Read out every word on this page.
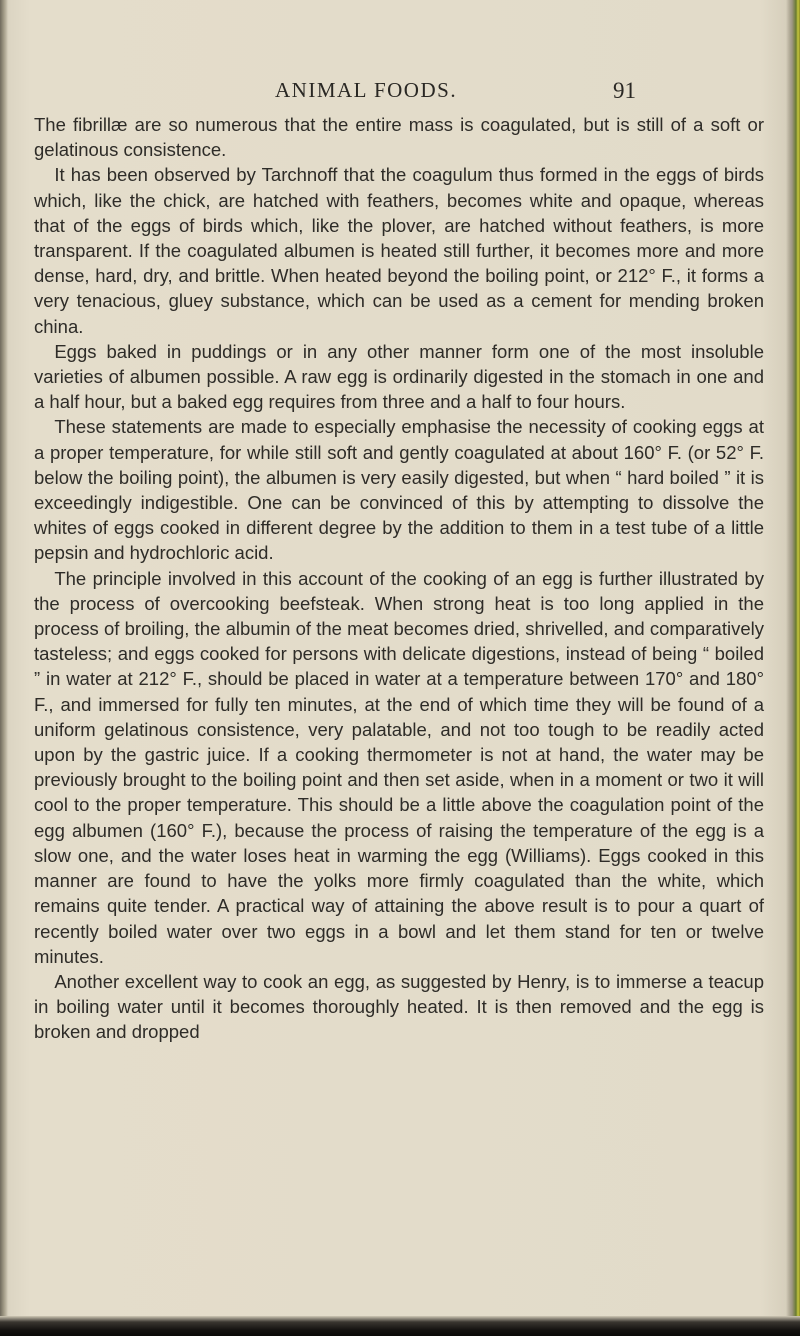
ANIMAL FOODS.	91

The fibrillæ are so numerous that the entire mass is coagulated, but is still of a soft or gelatinous consistence.

It has been observed by Tarchnoff that the coagulum thus formed in the eggs of birds which, like the chick, are hatched with feathers, becomes white and opaque, whereas that of the eggs of birds which, like the plover, are hatched without feathers, is more transparent. If the coagulated albumen is heated still further, it becomes more and more dense, hard, dry, and brittle. When heated beyond the boiling point, or 212° F., it forms a very tenacious, gluey substance, which can be used as a cement for mending broken china.

Eggs baked in puddings or in any other manner form one of the most insoluble varieties of albumen possible. A raw egg is ordinarily digested in the stomach in one and a half hour, but a baked egg requires from three and a half to four hours.

These statements are made to especially emphasise the necessity of cooking eggs at a proper temperature, for while still soft and gently coagulated at about 160° F. (or 52° F. below the boiling point), the albumen is very easily digested, but when “ hard boiled ” it is exceedingly indigestible. One can be convinced of this by attempting to dissolve the whites of eggs cooked in different degree by the addition to them in a test tube of a little pepsin and hydrochloric acid.

The principle involved in this account of the cooking of an egg is further illustrated by the process of overcooking beefsteak. When strong heat is too long applied in the process of broiling, the albumin of the meat becomes dried, shrivelled, and comparatively tasteless; and eggs cooked for persons with delicate digestions, instead of being “ boiled ” in water at 212° F., should be placed in water at a temperature between 170° and 180° F., and immersed for fully ten minutes, at the end of which time they will be found of a uniform gelatinous consistence, very palatable, and not too tough to be readily acted upon by the gastric juice. If a cooking thermometer is not at hand, the water may be previously brought to the boiling point and then set aside, when in a moment or two it will cool to the proper temperature. This should be a little above the coagulation point of the egg albumen (160° F.), because the process of raising the temperature of the egg is a slow one, and the water loses heat in warming the egg (Williams). Eggs cooked in this manner are found to have the yolks more firmly coagulated than the white, which remains quite tender. A practical way of attaining the above result is to pour a quart of recently boiled water over two eggs in a bowl and let them stand for ten or twelve minutes.

Another excellent way to cook an egg, as suggested by Henry, is to immerse a teacup in boiling water until it becomes thoroughly heated. It is then removed and the egg is broken and dropped
